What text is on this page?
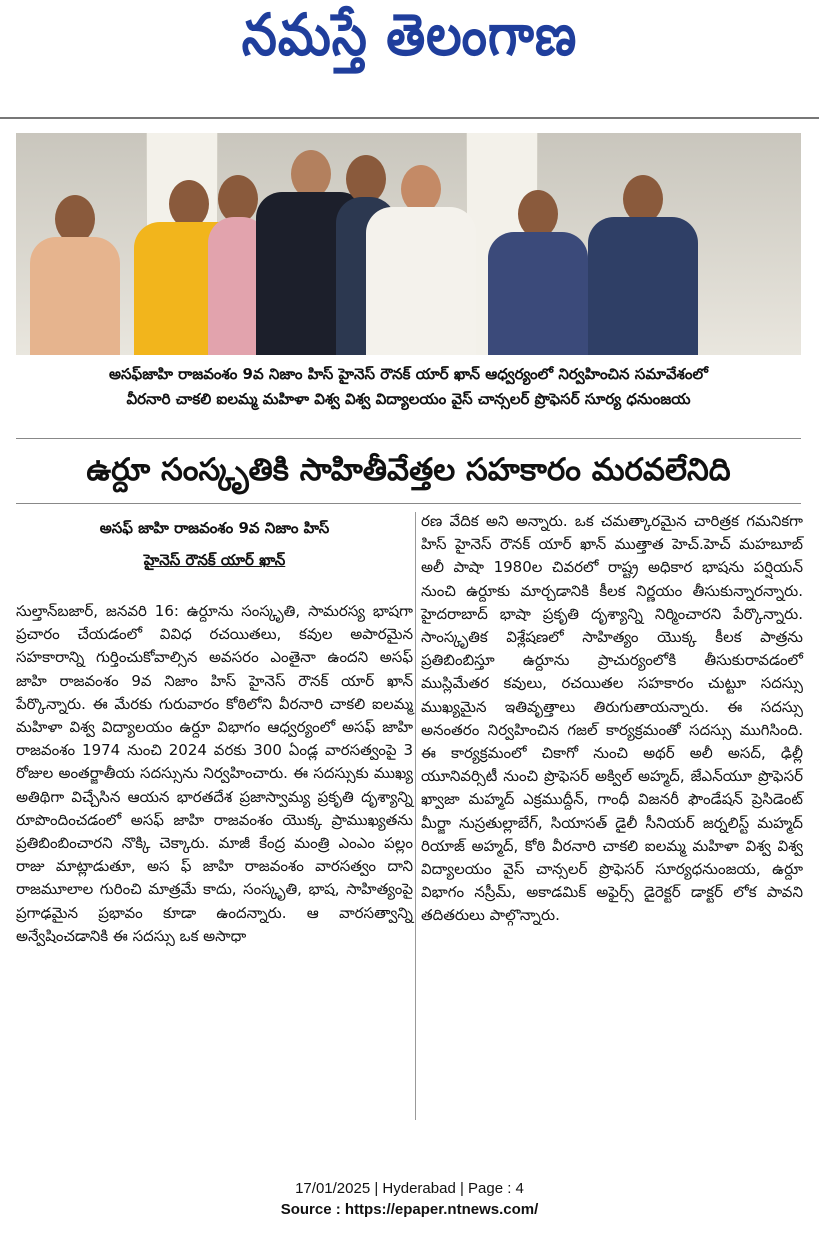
నమస్తే తెలంగాణ
అసఫ్‌జాహి రాజవంశం 9వ నిజాం హిస్ హైనెస్ రౌనక్ యార్ ఖాన్ ఆధ్వర్యంలో నిర్వహించిన సమావేశంలో
వీరనారి చాకలి ఐలమ్మ మహిళా విశ్వ విశ్వ విద్యాలయం వైస్ చాన్సలర్ ప్రొఫెసర్ సూర్య ధనుంజయ
ఉర్దూ సంస్కృతికి సాహితీవేత్తల సహకారం మరవలేనిది
అసఫ్ జాహి రాజవంశం 9వ నిజాం హిస్
హైనెస్ రౌనక్ యార్ ఖాన్
సుల్తాన్‌బజార్, జనవరి 16: ఉర్దూను సంస్కృతి, సామరస్య భాషగా ప్రచారం చేయడంలో వివిధ రచయితలు, కవుల అపారమైన సహకారాన్ని గుర్తించుకోవాల్సిన అవసరం ఎంతైనా ఉందని అసఫ్ జాహి రాజవంశం 9వ నిజాం హిస్ హైనెస్ రౌనక్ యార్ ఖాన్ పేర్కొన్నారు. ఈ మేరకు గురువారం కోఠిలోని వీరనారి చాకలి ఐలమ్మ మహిళా విశ్వ విద్యాలయం ఉర్దూ విభాగం ఆధ్వర్యంలో అసఫ్ జాహి రాజవంశం 1974 నుంచి 2024 వరకు 300 ఏండ్ల వారసత్వంపై 3 రోజుల అంతర్జాతీయ సదస్సును నిర్వహించారు. ఈ సదస్సుకు ముఖ్య అతిథిగా విచ్చేసిన ఆయన భారతదేశ ప్రజాస్వామ్య ప్రకృతి దృశ్యాన్ని రూపొందించడంలో అసఫ్ జాహి రాజవంశం యొక్క ప్రాముఖ్యతను ప్రతిబింబించారని నొక్కి చెక్కారు. మాజీ కేంద్ర మంత్రి ఎంఎం పల్లం రాజు మాట్లాడుతూ, అస ఫ్ జాహి రాజవంశం వారసత్వం దాని రాజమూలాల గురించి మాత్రమే కాదు, సంస్కృతి, భాష, సాహిత్యంపై ప్రగాఢమైన ప్రభావం కూడా ఉందన్నారు. ఆ వారసత్వాన్ని అన్వేషించడానికి ఈ సదస్సు ఒక అసాధా
రణ వేదిక అని అన్నారు. ఒక చమత్కారమైన చారిత్రక గమనికగా హిస్ హైనెస్ రౌనక్ యార్ ఖాన్ ముత్తాత హెచ్.హెచ్ మహబూబ్ అలీ పాషా 1980ల చివరలో రాష్ట్ర అధికార భాషను పర్షియన్ నుంచి ఉర్దూకు మార్చడానికి కీలక నిర్ణయం తీసుకున్నారన్నారు. హైదరాబాద్ భాషా ప్రకృతి దృశ్యాన్ని నిర్మించారని పేర్కొన్నారు. సాంస్కృతిక విశ్లేషణలో సాహిత్యం యొక్క కీలక పాత్రను ప్రతిబింబిస్తూ ఉర్దూను ప్రాచుర్యంలోకి తీసుకురావడంలో ముస్లిమేతర కవులు, రచయితల సహకారం చుట్టూ సదస్సు ముఖ్యమైన ఇతివృత్తాలు తిరుగుతాయన్నారు. ఈ సదస్సు అనంతరం నిర్వహించిన గజల్ కార్యక్రమంతో సదస్సు ముగిసింది. ఈ కార్యక్రమంలో చికాగో నుంచి అథర్ అలీ అసద్, ఢిల్లీ యూనివర్సిటీ నుంచి ప్రొఫెసర్ అక్విల్ అహ్మద్, జేఎన్‌యూ ప్రొఫెసర్ ఖ్వాజా మహ్మద్ ఎక్రముద్దీన్, గాంధీ విజనరీ ఫౌండేషన్ ప్రెసిడెంట్ మీర్జా నుస్రతుల్లాబేగ్, సియాసత్ డైలీ సీనియర్ జర్నలిస్ట్ మహ్మద్ రియాజ్ అహ్మద్, కోఠి వీరనారి చాకలి ఐలమ్మ మహిళా విశ్వ విశ్వ విద్యాలయం వైస్ చాన్సలర్ ప్రొఫెసర్ సూర్యధనుంజయ, ఉర్దూ విభాగం నస్రీమ్, అకాడమిక్ అఫైర్స్ డైరెక్టర్ డాక్టర్ లోక పావని తదితరులు పాల్గొన్నారు.
17/01/2025 | Hyderabad | Page : 4
Source : https://epaper.ntnews.com/
